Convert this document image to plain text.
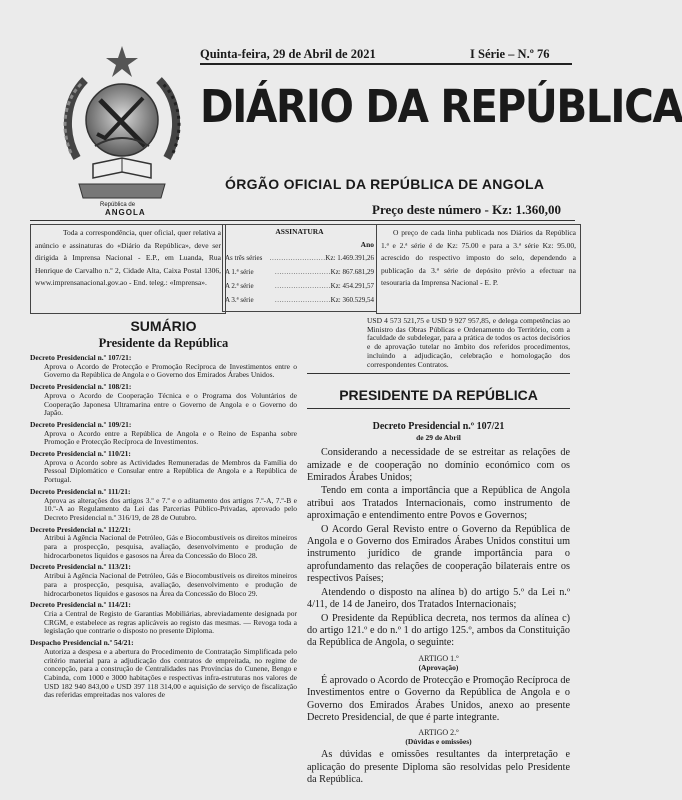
República de
ANGOLA
Quinta-feira, 29 de Abril de 2021	I Série – N.º 76
DIÁRIO DA REPÚBLICA
ÓRGÃO OFICIAL DA REPÚBLICA DE ANGOLA
Preço deste número - Kz: 1.360,00
Toda a correspondência, quer oficial, quer relativa a anúncio e assinaturas do «Diário da República», deve ser dirigida à Imprensa Nacional - E.P., em Luanda, Rua Henrique de Carvalho n.º 2, Cidade Alta, Caixa Postal 1306, www.imprensanacional.gov.ao - End. teleg.: «Imprensa».
ASSINATURA
Ano
As três séries	…………………… Kz: 1.469.391,26
A 1.ª série	…………………… Kz: 867.681,29
A 2.ª série	…………………… Kz: 454.291,57
A 3.ª série	…………………… Kz: 360.529,54
O preço de cada linha publicada nos Diários da República 1.ª e 2.ª série é de Kz: 75.00 e para a 3.ª série Kz: 95.00, acrescido do respectivo imposto do selo, dependendo a publicação da 3.ª série de depósito prévio a efectuar na tesouraria da Imprensa Nacional - E. P.
SUMÁRIO
Presidente da República
Decreto Presidencial n.º 107/21:
Aprova o Acordo de Protecção e Promoção Recíproca de Investimentos entre o Governo da República de Angola e o Governo dos Emirados Árabes Unidos.
Decreto Presidencial n.º 108/21:
Aprova o Acordo de Cooperação Técnica e o Programa dos Voluntários de Cooperação Japonesa Ultramarina entre o Governo de Angola e o Governo do Japão.
Decreto Presidencial n.º 109/21:
Aprova o Acordo entre a República de Angola e o Reino de Espanha sobre Promoção e Protecção Recíproca de Investimentos.
Decreto Presidencial n.º 110/21:
Aprova o Acordo sobre as Actividades Remuneradas de Membros da Família do Pessoal Diplomático e Consular entre a República de Angola e a República de Portugal.
Decreto Presidencial n.º 111/21:
Aprova as alterações dos artigos 3.º e 7.º e o aditamento dos artigos 7.º-A, 7.º-B e 10.º-A ao Regulamento da Lei das Parcerias Público-Privadas, aprovado pelo Decreto Presidencial n.º 316/19, de 28 de Outubro.
Decreto Presidencial n.º 112/21:
Atribui à Agência Nacional de Petróleo, Gás e Biocombustíveis os direitos mineiros para a prospecção, pesquisa, avaliação, desenvolvimento e produção de hidrocarbonetos líquidos e gasosos na Área da Concessão do Bloco 28.
Decreto Presidencial n.º 113/21:
Atribui à Agência Nacional de Petróleo, Gás e Biocombustíveis os direitos mineiros para a prospecção, pesquisa, avaliação, desenvolvimento e produção de hidrocarbonetos líquidos e gasosos na Área da Concessão do Bloco 29.
Decreto Presidencial n.º 114/21:
Cria a Central de Registo de Garantias Mobiliárias, abreviadamente designada por CRGM, e estabelece as regras aplicáveis ao registo das mesmas. — Revoga toda a legislação que contrarie o disposto no presente Diploma.
Despacho Presidencial n.º 54/21:
Autoriza a despesa e a abertura do Procedimento de Contratação Simplificada pelo critério material para a adjudicação dos contratos de empreitada, no regime de concepção, para a construção de Centralidades nas Províncias do Cunene, Bengo e Cabinda, com 1000 e 3000 habitações e respectivas infra-estruturas nos valores de USD 182 940 843,00 e USD 397 118 314,00 e aquisição de serviço de fiscalização das referidas empreitadas nos valores de
USD 4 573 521,75 e USD 9 927 957,85, e delega competências ao Ministro das Obras Públicas e Ordenamento do Território, com a faculdade de subdelegar, para a prática de todos os actos decisórios e de aprovação tutelar no âmbito dos referidos procedimentos, incluindo a adjudicação, celebração e homologação dos correspondentes Contratos.
PRESIDENTE DA REPÚBLICA
Decreto Presidencial n.º 107/21
de 29 de Abril

Considerando a necessidade de se estreitar as relações de amizade e de cooperação no domínio económico com os Emirados Árabes Unidos;

Tendo em conta a importância que a República de Angola atribui aos Tratados Internacionais, como instrumento de aproximação e entendimento entre Povos e Governos;

O Acordo Geral Revisto entre o Governo da República de Angola e o Governo dos Emirados Árabes Unidos constitui um instrumento jurídico de grande importância para o aprofundamento das relações de cooperação bilaterais entre os respectivos Países;

Atendendo o disposto na alínea b) do artigo 5.º da Lei n.º 4/11, de 14 de Janeiro, dos Tratados Internacionais;

O Presidente da República decreta, nos termos da alínea c) do artigo 121.º e do n.º 1 do artigo 125.º, ambos da Constituição da República de Angola, o seguinte:

ARTIGO 1.º
(Aprovação)

É aprovado o Acordo de Protecção e Promoção Recíproca de Investimentos entre o Governo da República de Angola e o Governo dos Emirados Árabes Unidos, anexo ao presente Decreto Presidencial, de que é parte integrante.

ARTIGO 2.º
(Dúvidas e omissões)

As dúvidas e omissões resultantes da interpretação e aplicação do presente Diploma são resolvidas pelo Presidente da República.
